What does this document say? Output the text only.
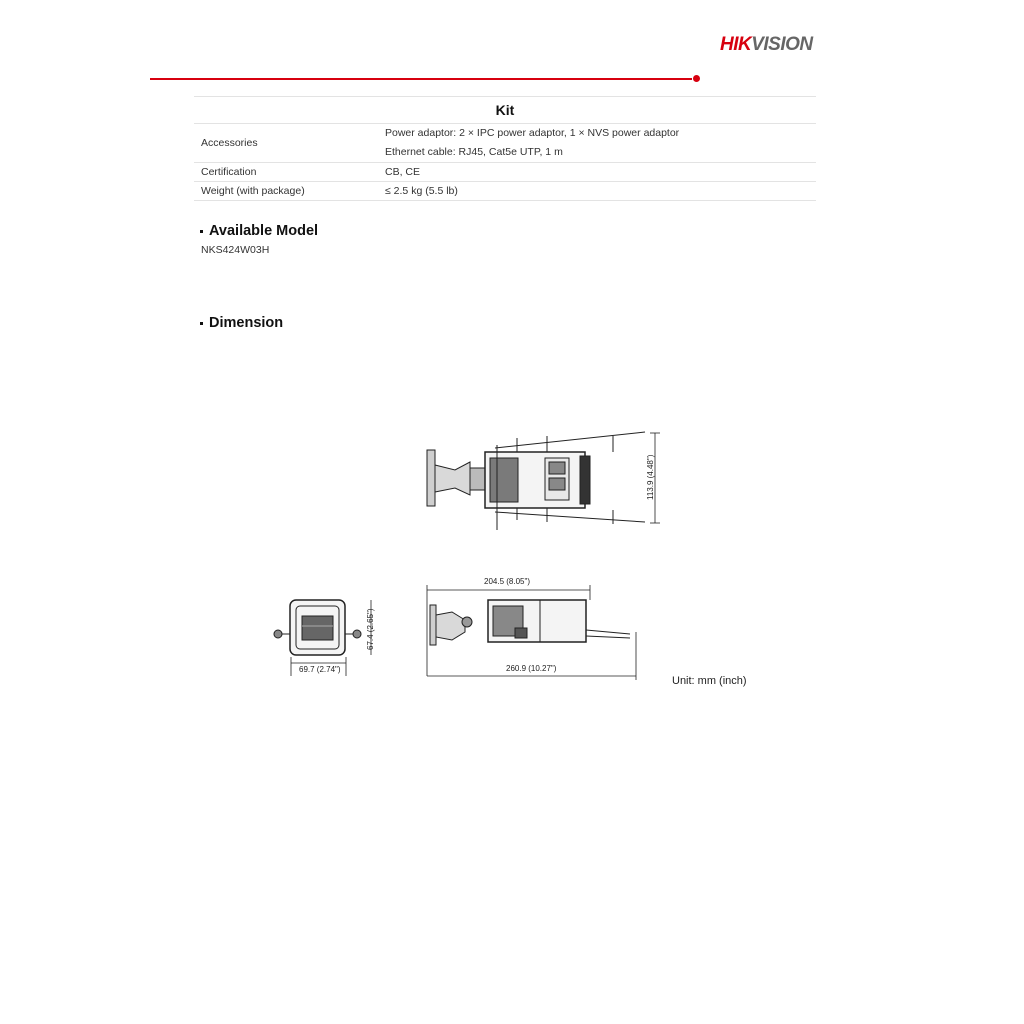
HIKVISION
Kit	
Accessories	Power adaptor: 2 × IPC power adaptor, 1 × NVS power adaptor
Ethernet cable: RJ45, Cat5e UTP, 1 m

Certification	CB, CE
Weight (with package)	≤ 2.5 kg (5.5 lb)
Available Model
NKS424W03H
Dimension
113.9 (4.48")
69.7 (2.74")
67.4 (2.65")
204.5 (8.05")
260.9 (10.27")
Unit: mm (inch)
